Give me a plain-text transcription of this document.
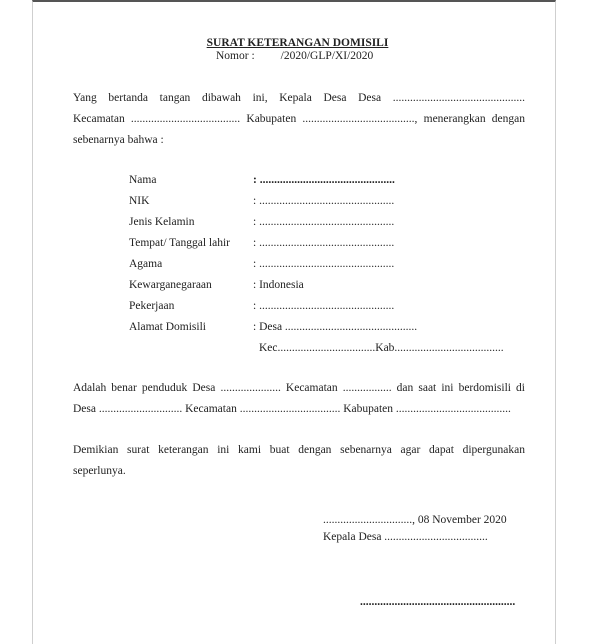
SURAT KETERANGAN DOMISILI
Nomor : /2020/GLP/XI/2020
Yang bertanda tangan dibawah ini, Kepala Desa Desa ..............................................
Kecamatan ...................................... Kabupaten ......................................., menerangkan dengan
sebenarnya bahwa :
Nama	: ...............................................
NIK	: ...............................................
Jenis Kelamin	: ...............................................
Tempat/ Tanggal lahir : ...............................................
Agama	: ...............................................
Kewarganegaraan	: Indonesia
Pekerjaan	: ...............................................
Alamat Domisili	: Desa ..............................................
Kec..................................Kab......................................
Adalah benar penduduk Desa ..................... Kecamatan ................. dan saat ini berdomisili di
Desa ............................. Kecamatan ................................... Kabupaten ........................................
Demikian surat keterangan ini kami buat dengan sebenarnya agar dapat dipergunakan
seperlunya.
..............................., 08 November 2020
Kepala Desa ....................................
......................................................
